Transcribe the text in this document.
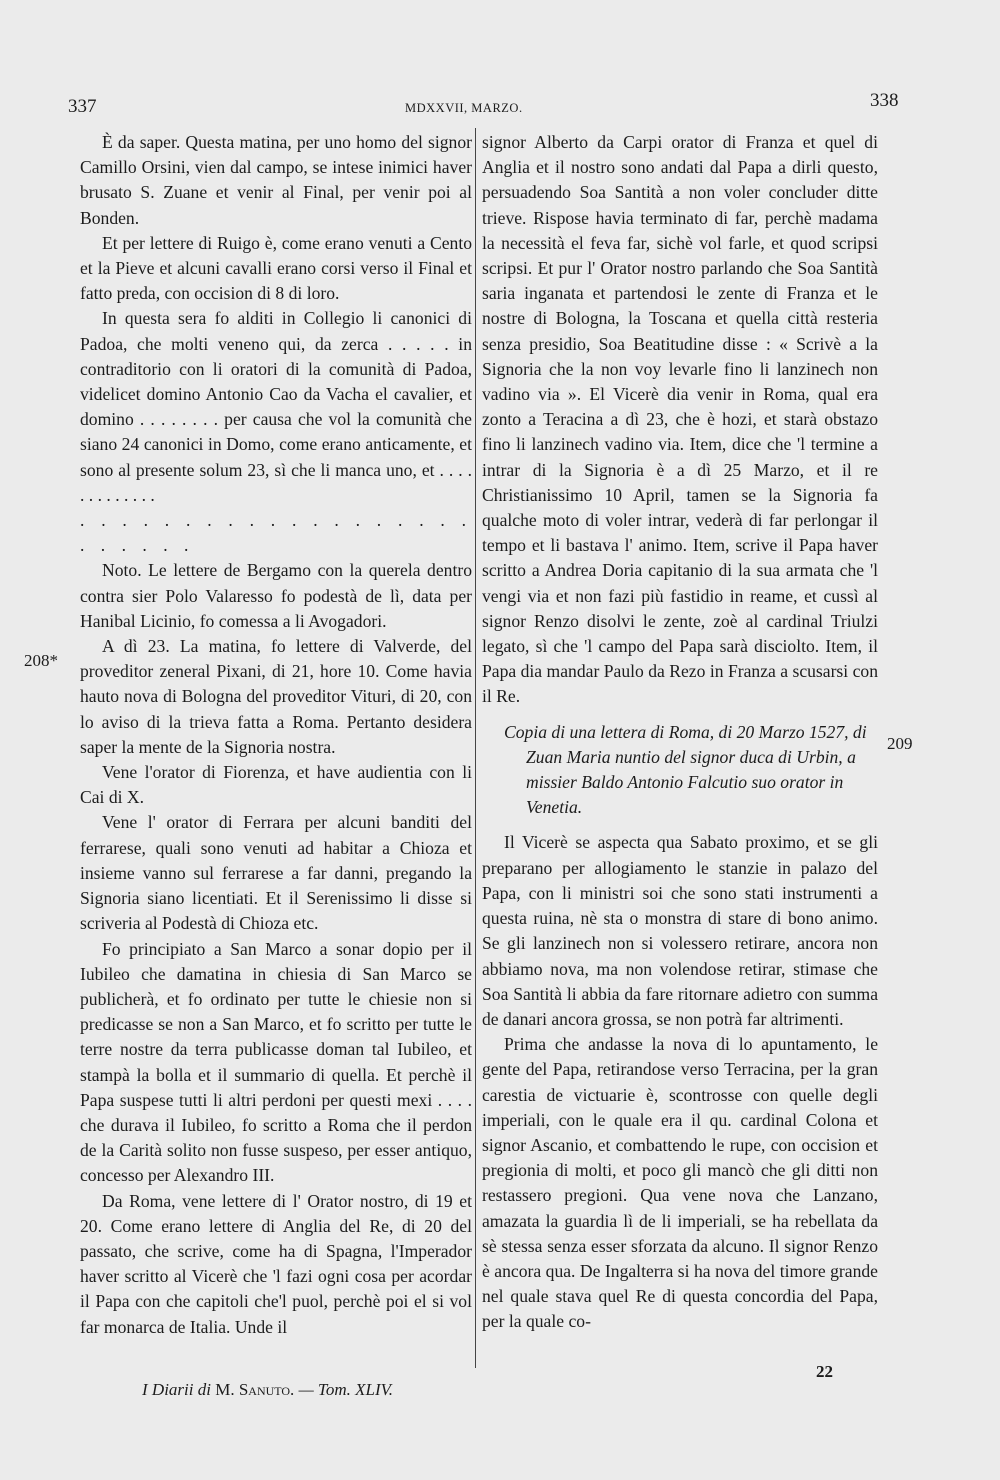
337	MDXXVII, MARZO.	338
208*
209

È da saper. Questa matina, per uno homo del signor Camillo Orsini, vien dal campo, se intese inimici haver brusato S. Zuane et venir al Final, per venir poi al Bonden.

Et per lettere di Ruigo è, come erano venuti a Cento et la Pieve et alcuni cavalli erano corsi verso il Final et fatto preda, con occision di 8 di loro.

In questa sera fo alditi in Collegio li canonici di Padoa, che molti veneno qui, da zerca . . . . . in contraditorio con li oratori di la comunità di Padoa, videlicet domino Antonio Cao da Vacha el cavalier, et domino . . . . . . . . per causa che vol la comunità che siano 24 canonici in Domo, come erano anticamente, et sono al presente solum 23, sì che li manca uno, et . . . . . . . . . . . . .

. . . . . . . . . . . . . . . . . . . . . . . . .

Noto. Le lettere de Bergamo con la querela dentro contra sier Polo Valaresso fo podestà de lì, data per Hanibal Licinio, fo comessa a li Avogadori.

A dì 23. La matina, fo lettere di Valverde, del proveditor zeneral Pixani, di 21, hore 10. Come havia hauto nova di Bologna del proveditor Vituri, di 20, con lo aviso di la trieva fatta a Roma. Pertanto desidera saper la mente de la Signoria nostra.

Vene l'orator di Fiorenza, et have audientia con li Cai di X.

Vene l' orator di Ferrara per alcuni banditi del ferrarese, quali sono venuti ad habitar a Chioza et insieme vanno sul ferrarese a far danni, pregando la Signoria siano licentiati. Et il Serenissimo li disse si scriveria al Podestà di Chioza etc.

Fo principiato a San Marco a sonar dopio per il Iubileo che damatina in chiesia di San Marco se publicherà, et fo ordinato per tutte le chiesie non si predicasse se non a San Marco, et fo scritto per tutte le terre nostre da terra publicasse doman tal Iubileo, et stampà la bolla et il summario di quella. Et perchè il Papa suspese tutti li altri perdoni per questi mexi . . . . che durava il Iubileo, fo scritto a Roma che il perdon de la Carità solito non fusse suspeso, per esser antiquo, concesso per Alexandro III.

Da Roma, vene lettere di l' Orator nostro, di 19 et 20. Come erano lettere di Anglia del Re, di 20 del passato, che scrive, come ha di Spagna, l'Imperador haver scritto al Vicerè che 'l fazi ogni cosa per acordar il Papa con che capitoli che'l puol, perchè poi el si vol far monarca de Italia. Unde il

signor Alberto da Carpi orator di Franza et quel di Anglia et il nostro sono andati dal Papa a dirli questo, persuadendo Soa Santità a non voler concluder ditte trieve. Rispose havia terminato di far, perchè madama la necessità el feva far, sichè vol farle, et quod scripsi scripsi. Et pur l' Orator nostro parlando che Soa Santità saria inganata et partendosi le zente di Franza et le nostre di Bologna, la Toscana et quella città resteria senza presidio, Soa Beatitudine disse : « Scrivè a la Signoria che la non voy levarle fino li lanzinech non vadino via ». El Vicerè dia venir in Roma, qual era zonto a Teracina a dì 23, che è hozi, et starà obstazo fino li lanzinech vadino via. Item, dice che 'l termine a intrar di la Signoria è a dì 25 Marzo, et il re Christianissimo 10 April, tamen se la Signoria fa qualche moto di voler intrar, vederà di far perlongar il tempo et li bastava l' animo. Item, scrive il Papa haver scritto a Andrea Doria capitanio di la sua armata che 'l vengi via et non fazi più fastidio in reame, et cussì al signor Renzo disolvi le zente, zoè al cardinal Triulzi legato, sì che 'l campo del Papa sarà disciolto. Item, il Papa dia mandar Paulo da Rezo in Franza a scusarsi con il Re.

Copia di una lettera di Roma, di 20 Marzo 1527, di Zuan Maria nuntio del signor duca di Urbin, a missier Baldo Antonio Falcutio suo orator in Venetia.

Il Vicerè se aspecta qua Sabato proximo, et se gli preparano per allogiamento le stanzie in palazo del Papa, con li ministri soi che sono stati instrumenti a questa ruina, nè sta o monstra di stare di bono animo. Se gli lanzinech non si volessero retirare, ancora non abbiamo nova, ma non volendose retirar, stimase che Soa Santità li abbia da fare ritornare adietro con summa de danari ancora grossa, se non potrà far altrimenti.

Prima che andasse la nova di lo apuntamento, le gente del Papa, retirandose verso Terracina, per la gran carestia de victuarie è, scontrosse con quelle degli imperiali, con le quale era il qu. cardinal Colona et signor Ascanio, et combattendo le rupe, con occision et pregionia di molti, et poco gli mancò che gli ditti non restassero pregioni. Qua vene nova che Lanzano, amazata la guardia lì de li imperiali, se ha rebellata da sè stessa senza esser sforzata da alcuno. Il signor Renzo è ancora qua. De Ingalterra si ha nova del timore grande nel quale stava quel Re di questa concordia del Papa, per la quale co-

22
I Diarii di M. Sanuto. — Tom. XLIV.
